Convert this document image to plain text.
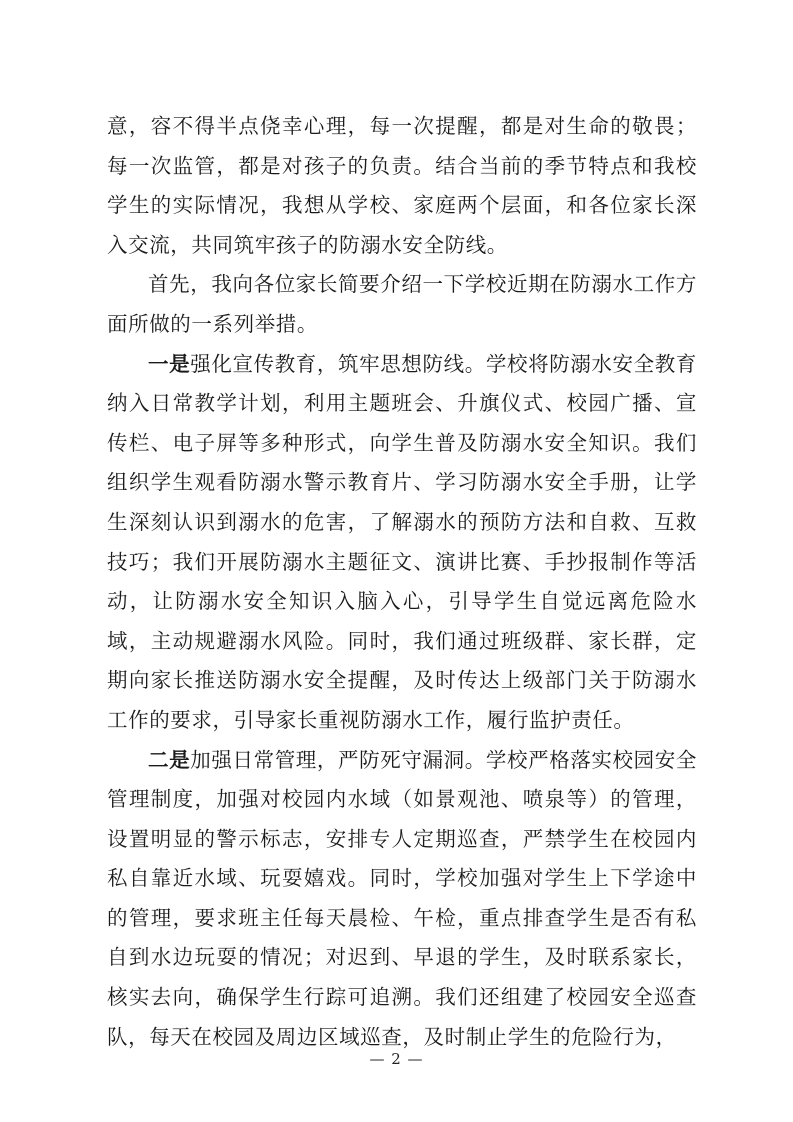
意，容不得半点侥幸心理，每一次提醒，都是对生命的敬畏；每一次监管，都是对孩子的负责。结合当前的季节特点和我校学生的实际情况，我想从学校、家庭两个层面，和各位家长深入交流，共同筑牢孩子的防溺水安全防线。

首先，我向各位家长简要介绍一下学校近期在防溺水工作方面所做的一系列举措。

一是强化宣传教育，筑牢思想防线。学校将防溺水安全教育纳入日常教学计划，利用主题班会、升旗仪式、校园广播、宣传栏、电子屏等多种形式，向学生普及防溺水安全知识。我们组织学生观看防溺水警示教育片、学习防溺水安全手册，让学生深刻认识到溺水的危害，了解溺水的预防方法和自救、互救技巧；我们开展防溺水主题征文、演讲比赛、手抄报制作等活动，让防溺水安全知识入脑入心，引导学生自觉远离危险水域，主动规避溺水风险。同时，我们通过班级群、家长群，定期向家长推送防溺水安全提醒，及时传达上级部门关于防溺水工作的要求，引导家长重视防溺水工作，履行监护责任。

二是加强日常管理，严防死守漏洞。学校严格落实校园安全管理制度，加强对校园内水域（如景观池、喷泉等）的管理，设置明显的警示标志，安排专人定期巡查，严禁学生在校园内私自靠近水域、玩耍嬉戏。同时，学校加强对学生上下学途中的管理，要求班主任每天晨检、午检，重点排查学生是否有私自到水边玩耍的情况；对迟到、早退的学生，及时联系家长，核实去向，确保学生行踪可追溯。我们还组建了校园安全巡查队，每天在校园及周边区域巡查，及时制止学生的危险行为，

— 2 —
